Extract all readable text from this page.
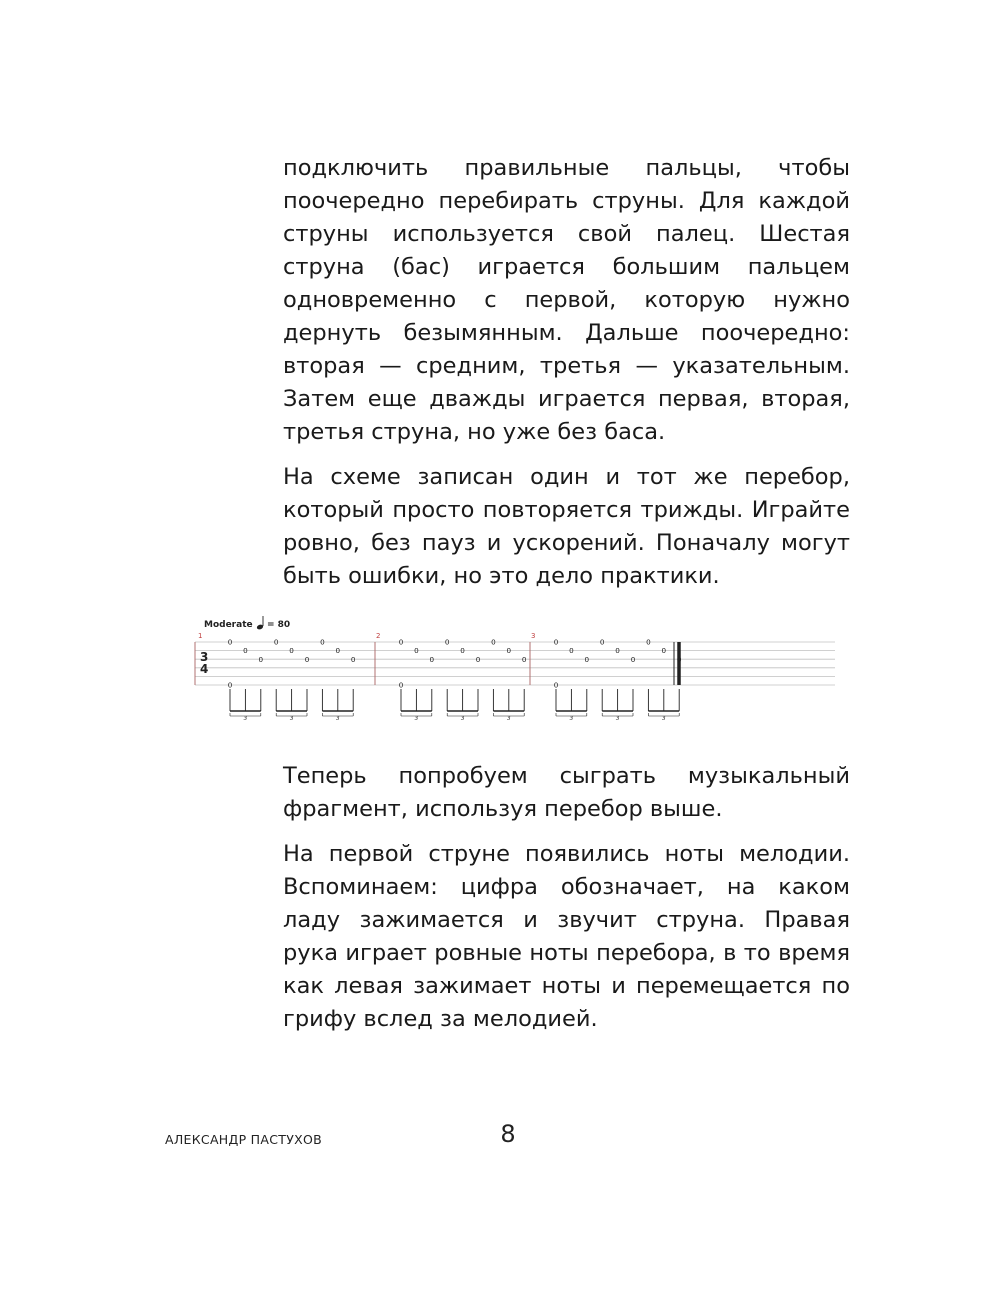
подключить правильные пальцы, чтобы поочередно перебирать струны. Для каждой струны используется свой палец. Шестая струна (бас) играется большим пальцем одновременно с первой, которую нужно дернуть безымянным. Дальше поочередно: вторая — средним, третья — указательным. Затем еще дважды играется первая, вторая, третья струна, но уже без баса.

На схеме записан один и тот же перебор, который просто повторяется трижды. Играйте ровно, без пауз и ускорений. Поначалу могут быть ошибки, но это дело практики.

Moderate = 80
3
4
1	2	3
0
0
0
0
0
0
0
0
0
0
0
0
0
0
0
0
0
0
0
0
0
0
0
0
0
0
0
0
0
0
3	3	3	3	3	3	3	3	3

Теперь попробуем сыграть музыкальный фрагмент, используя перебор выше.

На первой струне появились ноты мелодии. Вспоминаем: цифра обозначает, на каком ладу зажимается и звучит струна. Правая рука играет ровные ноты перебора, в то время как левая зажимает ноты и перемещается по грифу вслед за мелодией.

АЛЕКСАНДР ПАСТУХОВ	8
